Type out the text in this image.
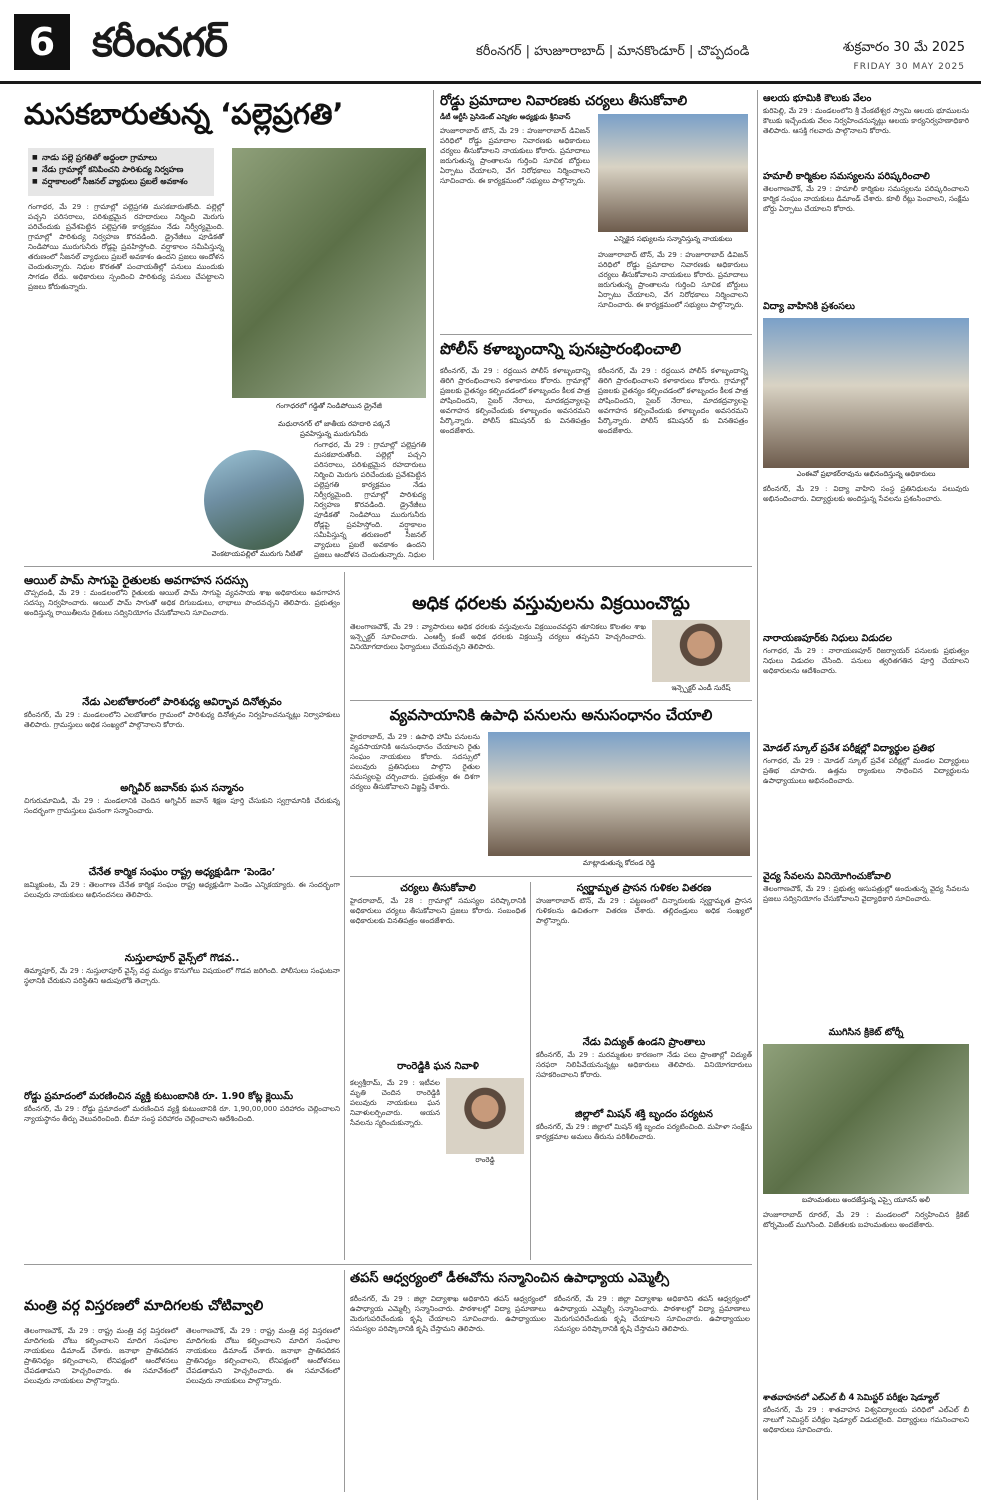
6 కరీంనగర్	కరీంనగర్ | హుజూరాబాద్ | మానకొండూర్ | చొప్పదండి	శుక్రవారం 30 మే 2025
FRIDAY 30 MAY 2025
మసకబారుతున్న ‘పల్లెప్రగతి’
■ నాడు పల్లె ప్రగతితో అద్దంలా గ్రామాలు
■ నేడు గ్రామాల్లో కనిపించని పారిశుద్య నిర్వహణ
■ వర్షాకాలంలో సీజనల్ వ్యాధులు ప్రబలే అవకాశం
గంగాధరలో గడ్డితో నిండిపోయిన డ్రైనేజీ
మధురానగర్ లో జాతీయ రహదారి పక్కనే ప్రవహిస్తున్న మురుగునీరు
వెంకటాయపల్లిలో మురుగు నీటితో
గంగాధర, మే 29 : గ్రామాల్లో పల్లెప్రగతి మసకబారుతోంది. పల్లెల్లో పచ్చని పరిసరాలు, పరిశుభ్రమైన రహదారులు నిర్మించి మెరుగు పరిచేందుకు ప్రవేశపెట్టిన పల్లెప్రగతి కార్యక్రమం నేడు నిర్వీర్యమైంది. గ్రామాల్లో పారిశుద్య నిర్వహణ కొరవడింది. డ్రైనేజీలు పూడికతో నిండిపోయి మురుగునీరు రోడ్లపై ప్రవహిస్తోంది. వర్షాకాలం సమీపిస్తున్న తరుణంలో సీజనల్ వ్యాధులు ప్రబలే అవకాశం ఉందని ప్రజలు ఆందోళన చెందుతున్నారు. నిధుల కొరతతో పంచాయతీల్లో పనులు ముందుకు సాగడం లేదు. అధికారులు స్పందించి పారిశుద్య పనులు చేపట్టాలని ప్రజలు కోరుతున్నారు.
గంగాధర, మే 29 : గ్రామాల్లో పల్లెప్రగతి మసకబారుతోంది. పల్లెల్లో పచ్చని పరిసరాలు, పరిశుభ్రమైన రహదారులు నిర్మించి మెరుగు పరిచేందుకు ప్రవేశపెట్టిన పల్లెప్రగతి కార్యక్రమం నేడు నిర్వీర్యమైంది. గ్రామాల్లో పారిశుద్య నిర్వహణ కొరవడింది. డ్రైనేజీలు పూడికతో నిండిపోయి మురుగునీరు రోడ్లపై ప్రవహిస్తోంది. వర్షాకాలం సమీపిస్తున్న తరుణంలో సీజనల్ వ్యాధులు ప్రబలే అవకాశం ఉందని ప్రజలు ఆందోళన చెందుతున్నారు. నిధుల
రోడ్డు ప్రమాదాల నివారణకు చర్యలు తీసుకోవాలి
డీటీ ఆర్టీసీ ప్రెసిడెంట్ ఎన్నికల అధ్యక్షుడు శ్రీనివాస్
హుజూరాబాద్ టౌన్, మే 29 : హుజూరాబాద్ డివిజన్ పరిధిలో రోడ్డు ప్రమాదాల నివారణకు అధికారులు చర్యలు తీసుకోవాలని నాయకులు కోరారు. ప్రమాదాలు జరుగుతున్న ప్రాంతాలను గుర్తించి సూచిక బోర్డులు ఏర్పాటు చేయాలని, వేగ నిరోధకాలు నిర్మించాలని సూచించారు. ఈ కార్యక్రమంలో సభ్యులు పాల్గొన్నారు.
ఎన్నికైన సభ్యులను సన్మానిస్తున్న నాయకులు
హుజూరాబాద్ టౌన్, మే 29 : హుజూరాబాద్ డివిజన్ పరిధిలో రోడ్డు ప్రమాదాల నివారణకు అధికారులు చర్యలు తీసుకోవాలని నాయకులు కోరారు. ప్రమాదాలు జరుగుతున్న ప్రాంతాలను గుర్తించి సూచిక బోర్డులు ఏర్పాటు చేయాలని, వేగ నిరోధకాలు నిర్మించాలని సూచించారు. ఈ కార్యక్రమంలో సభ్యులు పాల్గొన్నారు.
పోలీస్ కళాబృందాన్ని పునఃప్రారంభించాలి
కరీంనగర్, మే 29 : రద్దయిన పోలీస్ కళాబృందాన్ని తిరిగి ప్రారంభించాలని కళాకారులు కోరారు. గ్రామాల్లో ప్రజలకు చైతన్యం కల్పించడంలో కళాబృందం కీలక పాత్ర పోషించిందని, సైబర్ నేరాలు, మాదకద్రవ్యాలపై అవగాహన కల్పించేందుకు కళాబృందం అవసరమని పేర్కొన్నారు. పోలీస్ కమిషనర్ కు వినతిపత్రం అందజేశారు.
కరీంనగర్, మే 29 : రద్దయిన పోలీస్ కళాబృందాన్ని తిరిగి ప్రారంభించాలని కళాకారులు కోరారు. గ్రామాల్లో ప్రజలకు చైతన్యం కల్పించడంలో కళాబృందం కీలక పాత్ర పోషించిందని, సైబర్ నేరాలు, మాదకద్రవ్యాలపై అవగాహన కల్పించేందుకు కళాబృందం అవసరమని పేర్కొన్నారు. పోలీస్ కమిషనర్ కు వినతిపత్రం అందజేశారు.
ఆలయ భూమికి కౌలుకు వేలం
కురిపెల్లి, మే 29 : మండలంలోని శ్రీ వేంకటేశ్వర స్వామి ఆలయ భూములను కౌలుకు ఇచ్చేందుకు వేలం నిర్వహించనున్నట్లు ఆలయ కార్యనిర్వహణాధికారి తెలిపారు. ఆసక్తి గలవారు పాల్గొనాలని కోరారు.
హమాలీ కార్మికుల సమస్యలను పరిష్కరించాలి
తెలంగాణచౌక్, మే 29 : హమాలీ కార్మికుల సమస్యలను పరిష్కరించాలని కార్మిక సంఘం నాయకులు డిమాండ్ చేశారు. కూలీ రేట్లు పెంచాలని, సంక్షేమ బోర్డు ఏర్పాటు చేయాలని కోరారు.
విద్యా వాహినికి ప్రశంసలు
ఎంఈవో ప్రభాకర్‌రావును అభినందిస్తున్న అధికారులు
కరీంనగర్, మే 29 : విద్యా వాహిని సంస్థ ప్రతినిధులను పలువురు అభినందించారు. విద్యార్థులకు అందిస్తున్న సేవలను ప్రశంసించారు.
నారాయణపూర్‌కు నిధులు విడుదల
గంగాధర, మే 29 : నారాయణపూర్ రిజర్వాయర్ పనులకు ప్రభుత్వం నిధులు విడుదల చేసింది. పనులు త్వరితగతిన పూర్తి చేయాలని అధికారులను ఆదేశించారు.
మోడల్ స్కూల్ ప్రవేశ పరీక్షల్లో విద్యార్థుల ప్రతిభ
గంగాధర, మే 29 : మోడల్ స్కూల్ ప్రవేశ పరీక్షల్లో మండల విద్యార్థులు ప్రతిభ చూపారు. ఉత్తమ ర్యాంకులు సాధించిన విద్యార్థులను ఉపాధ్యాయులు అభినందించారు.
వైద్య సేవలను వినియోగించుకోవాలి
తెలంగాణచౌక్, మే 29 : ప్రభుత్వ ఆసుపత్రుల్లో అందుతున్న వైద్య సేవలను ప్రజలు సద్వినియోగం చేసుకోవాలని వైద్యాధికారి సూచించారు.
ముగిసిన క్రికెట్ టోర్నీ
బహుమతులు అందజేస్తున్న ఎస్సై యూనస్ అలీ
హుజూరాబాద్ రూరల్, మే 29 : మండలంలో నిర్వహించిన క్రికెట్ టోర్నమెంట్ ముగిసింది. విజేతలకు బహుమతులు అందజేశారు.
శాతవాహనలో ఎల్ఎల్ బీ 4 సెమిస్టర్ పరీక్షల షెడ్యూల్
కరీంనగర్, మే 29 : శాతవాహన విశ్వవిద్యాలయ పరిధిలో ఎల్ఎల్ బీ నాలుగో సెమిస్టర్ పరీక్షల షెడ్యూల్ విడుదలైంది. విద్యార్థులు గమనించాలని అధికారులు సూచించారు.
ఆయిల్ పామ్ సాగుపై రైతులకు అవగాహన సదస్సు
చొప్పదండి, మే 29 : మండలంలోని రైతులకు ఆయిల్ పామ్ సాగుపై వ్యవసాయ శాఖ అధికారులు అవగాహన సదస్సు నిర్వహించారు. ఆయిల్ పామ్ సాగుతో అధిక దిగుబడులు, లాభాలు పొందవచ్చని తెలిపారు. ప్రభుత్వం అందిస్తున్న రాయితీలను రైతులు సద్వినియోగం చేసుకోవాలని సూచించారు.
నేడు ఎలబోతారంలో పారిశుధ్య ఆవిర్భావ దినోత్సవం
కరీంనగర్, మే 29 : మండలంలోని ఎలబోతారం గ్రామంలో పారిశుధ్య దినోత్సవం నిర్వహించనున్నట్లు నిర్వాహకులు తెలిపారు. గ్రామస్తులు అధిక సంఖ్యలో పాల్గొనాలని కోరారు.
అగ్నివీర్ జవాన్‌కు ఘన సన్మానం
చిగురుమామిడి, మే 29 : మండలానికి చెందిన అగ్నివీర్ జవాన్ శిక్షణ పూర్తి చేసుకుని స్వగ్రామానికి చేరుకున్న సందర్భంగా గ్రామస్తులు ఘనంగా సన్మానించారు.
చేనేత కార్మిక సంఘం రాష్ట్ర అధ్యక్షుడిగా ‘పెండెం’
జమ్మికుంట, మే 29 : తెలంగాణ చేనేత కార్మిక సంఘం రాష్ట్ర అధ్యక్షుడిగా పెండెం ఎన్నికయ్యారు. ఈ సందర్భంగా పలువురు నాయకులు అభినందనలు తెలిపారు.
నుస్తులాపూర్ వైన్స్‌లో గొడవ..
తిమ్మాపూర్, మే 29 : నుస్తులాపూర్ వైన్స్ వద్ద మద్యం కొనుగోలు విషయంలో గొడవ జరిగింది. పోలీసులు సంఘటనా స్థలానికి చేరుకుని పరిస్థితిని అదుపులోకి తెచ్చారు.
రోడ్డు ప్రమాదంలో మరణించిన వ్యక్తి కుటుంబానికి రూ. 1.90 కోట్ల క్లెయిమ్
కరీంనగర్, మే 29 : రోడ్డు ప్రమాదంలో మరణించిన వ్యక్తి కుటుంబానికి రూ. 1,90,00,000 పరిహారం చెల్లించాలని న్యాయస్థానం తీర్పు వెలువరించింది. బీమా సంస్థ పరిహారం చెల్లించాలని ఆదేశించింది.
అధిక ధరలకు వస్తువులను విక్రయించొద్దు
తెలంగాణచౌక్, మే 29 : వ్యాపారులు అధిక ధరలకు వస్తువులను విక్రయించవద్దని తూనికలు కొలతల శాఖ ఇన్స్పెక్టర్ సూచించారు. ఎంఆర్పీ కంటే అధిక ధరలకు విక్రయిస్తే చర్యలు తప్పవని హెచ్చరించారు. వినియోగదారులు ఫిర్యాదులు చేయవచ్చని తెలిపారు.
ఇన్స్పెక్టర్ ఎండీ సురేష్
వ్యవసాయానికి ఉపాధి పనులను అనుసంధానం చేయాలి
హైదరాబాద్, మే 29 : ఉపాధి హామీ పనులను వ్యవసాయానికి అనుసంధానం చేయాలని రైతు సంఘం నాయకులు కోరారు. సదస్సులో పలువురు ప్రతినిధులు పాల్గొని రైతుల సమస్యలపై చర్చించారు. ప్రభుత్వం ఈ దిశగా చర్యలు తీసుకోవాలని విజ్ఞప్తి చేశారు.
మాట్లాడుతున్న కోదండ రెడ్డి
చర్యలు తీసుకోవాలి
హైదరాబాద్, మే 28 : గ్రామాల్లో సమస్యల పరిష్కారానికి అధికారులు చర్యలు తీసుకోవాలని ప్రజలు కోరారు. సంబంధిత అధికారులకు వినతిపత్రం అందజేశారు.
రాంరెడ్డికి ఘన నివాళి
కల్వశ్రీరామ్, మే 29 : ఇటీవల మృతి చెందిన రాంరెడ్డికి పలువురు నాయకులు ఘన నివాళులర్పించారు. ఆయన సేవలను స్మరించుకున్నారు.
రాంరెడ్డి
స్వర్ణామృత ప్రాసన గుళికల వితరణ
హుజూరాబాద్ టౌన్, మే 29 : పట్టణంలో చిన్నారులకు స్వర్ణామృత ప్రాసన గుళికలను ఉచితంగా వితరణ చేశారు. తల్లిదండ్రులు అధిక సంఖ్యలో పాల్గొన్నారు.
నేడు విద్యుత్ ఉండని ప్రాంతాలు
కరీంనగర్, మే 29 : మరమ్మతుల కారణంగా నేడు పలు ప్రాంతాల్లో విద్యుత్ సరఫరా నిలిపివేయనున్నట్లు అధికారులు తెలిపారు. వినియోగదారులు సహకరించాలని కోరారు.
జిల్లాలో మిషన్ శక్తి బృందం పర్యటన
కరీంనగర్, మే 29 : జిల్లాలో మిషన్ శక్తి బృందం పర్యటించింది. మహిళా సంక్షేమ కార్యక్రమాల అమలు తీరును పరిశీలించారు.
మంత్రి వర్గ విస్తరణలో మాదిగలకు చోటివ్వాలి
తెలంగాణచౌక్, మే 29 : రాష్ట్ర మంత్రి వర్గ విస్తరణలో మాదిగలకు చోటు కల్పించాలని మాదిగ సంఘాల నాయకులు డిమాండ్ చేశారు. జనాభా ప్రాతిపదికన ప్రాతినిధ్యం కల్పించాలని, లేనిపక్షంలో ఆందోళనలు చేపడతామని హెచ్చరించారు. ఈ సమావేశంలో పలువురు నాయకులు పాల్గొన్నారు.
తెలంగాణచౌక్, మే 29 : రాష్ట్ర మంత్రి వర్గ విస్తరణలో మాదిగలకు చోటు కల్పించాలని మాదిగ సంఘాల నాయకులు డిమాండ్ చేశారు. జనాభా ప్రాతిపదికన ప్రాతినిధ్యం కల్పించాలని, లేనిపక్షంలో ఆందోళనలు చేపడతామని హెచ్చరించారు. ఈ సమావేశంలో పలువురు నాయకులు పాల్గొన్నారు.
తపస్ ఆధ్వర్యంలో డీఈవోను సన్మానించిన ఉపాధ్యాయ ఎమ్మెల్సీ
కరీంనగర్, మే 29 : జిల్లా విద్యాశాఖ అధికారిని తపస్ ఆధ్వర్యంలో ఉపాధ్యాయ ఎమ్మెల్సీ సన్మానించారు. పాఠశాలల్లో విద్యా ప్రమాణాలు మెరుగుపరిచేందుకు కృషి చేయాలని సూచించారు. ఉపాధ్యాయుల సమస్యల పరిష్కారానికి కృషి చేస్తామని తెలిపారు.
కరీంనగర్, మే 29 : జిల్లా విద్యాశాఖ అధికారిని తపస్ ఆధ్వర్యంలో ఉపాధ్యాయ ఎమ్మెల్సీ సన్మానించారు. పాఠశాలల్లో విద్యా ప్రమాణాలు మెరుగుపరిచేందుకు కృషి చేయాలని సూచించారు. ఉపాధ్యాయుల సమస్యల పరిష్కారానికి కృషి చేస్తామని తెలిపారు.
